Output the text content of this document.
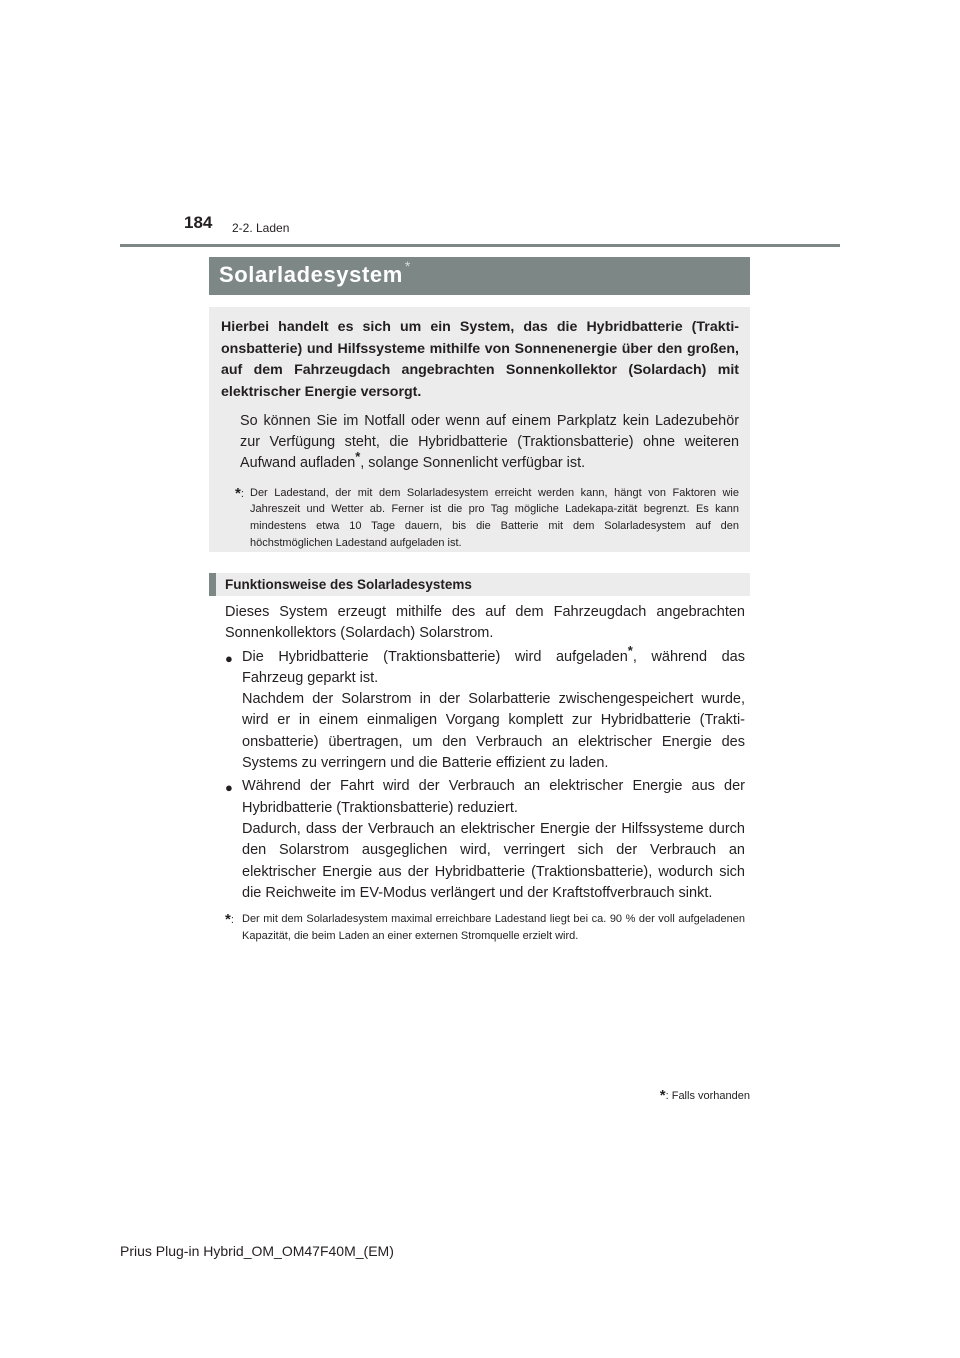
184 2-2. Laden
Solarladesystem *
Hierbei handelt es sich um ein System, das die Hybridbatterie (Trakti-onsbatterie) und Hilfssysteme mithilfe von Sonnenenergie über den großen, auf dem Fahrzeugdach angebrachten Sonnenkollektor (Solardach) mit elektrischer Energie versorgt.
So können Sie im Notfall oder wenn auf einem Parkplatz kein Ladezubehör zur Verfügung steht, die Hybridbatterie (Traktionsbatterie) ohne weiteren Aufwand aufladen*, solange Sonnenlicht verfügbar ist.
*: Der Ladestand, der mit dem Solarladesystem erreicht werden kann, hängt von Faktoren wie Jahreszeit und Wetter ab. Ferner ist die pro Tag mögliche Ladekapa-zität begrenzt. Es kann mindestens etwa 10 Tage dauern, bis die Batterie mit dem Solarladesystem auf den höchstmöglichen Ladestand aufgeladen ist.
Funktionsweise des Solarladesystems

Dieses System erzeugt mithilfe des auf dem Fahrzeugdach angebrachten Sonnenkollektors (Solardach) Solarstrom.

● Die Hybridbatterie (Traktionsbatterie) wird aufgeladen*, während das Fahrzeug geparkt ist.

Nachdem der Solarstrom in der Solarbatterie zwischengespeichert wurde, wird er in einem einmaligen Vorgang komplett zur Hybridbatterie (Trakti-onsbatterie) übertragen, um den Verbrauch an elektrischer Energie des Systems zu verringern und die Batterie effizient zu laden.

● Während der Fahrt wird der Verbrauch an elektrischer Energie aus der Hybridbatterie (Traktionsbatterie) reduziert.

Dadurch, dass der Verbrauch an elektrischer Energie der Hilfssysteme durch den Solarstrom ausgeglichen wird, verringert sich der Verbrauch an elektrischer Energie aus der Hybridbatterie (Traktionsbatterie), wodurch sich die Reichweite im EV-Modus verlängert und der Kraftstoffverbrauch sinkt.

*: Der mit dem Solarladesystem maximal erreichbare Ladestand liegt bei ca. 90 % der voll aufgeladenen Kapazität, die beim Laden an einer externen Stromquelle erzielt wird.
*: Falls vorhanden
Prius Plug-in Hybrid_OM_OM47F40M_(EM)
